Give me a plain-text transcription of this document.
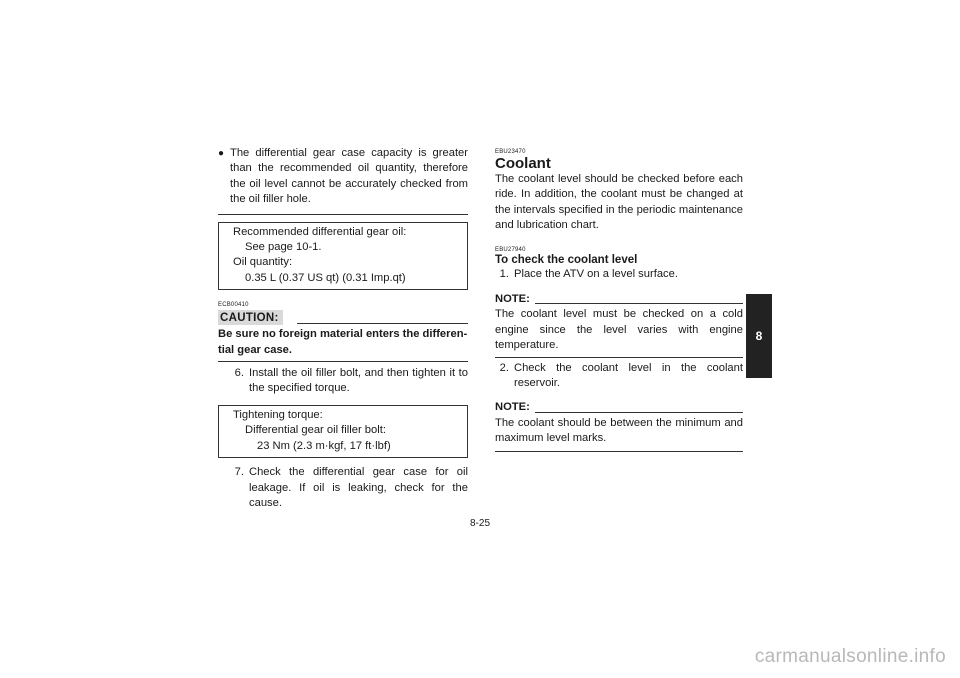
● The differential gear case capacity is greater than the recommended oil quantity, therefore the oil level cannot be accurately checked from the oil filler hole.
Recommended differential gear oil:
See page 10-1.
Oil quantity:
0.35 L (0.37 US qt) (0.31 Imp.qt)
ECB00410
CAUTION:
Be sure no foreign material enters the differen-
tial gear case.
6. Install the oil filler bolt, and then tighten it to the specified torque.
Tightening torque:
Differential gear oil filler bolt:
23 Nm (2.3 m·kgf, 17 ft·lbf)
7. Check the differential gear case for oil leakage. If oil is leaking, check for the cause.
EBU23470
Coolant
The coolant level should be checked before each ride. In addition, the coolant must be changed at the intervals specified in the periodic maintenance and lubrication chart.
EBU27940
To check the coolant level
1. Place the ATV on a level surface.
NOTE:
The coolant level must be checked on a cold engine since the level varies with engine temperature.
2. Check the coolant level in the coolant reservoir.
NOTE:
The coolant should be between the minimum and maximum level marks.
8-25
8
carmanualsonline.info
